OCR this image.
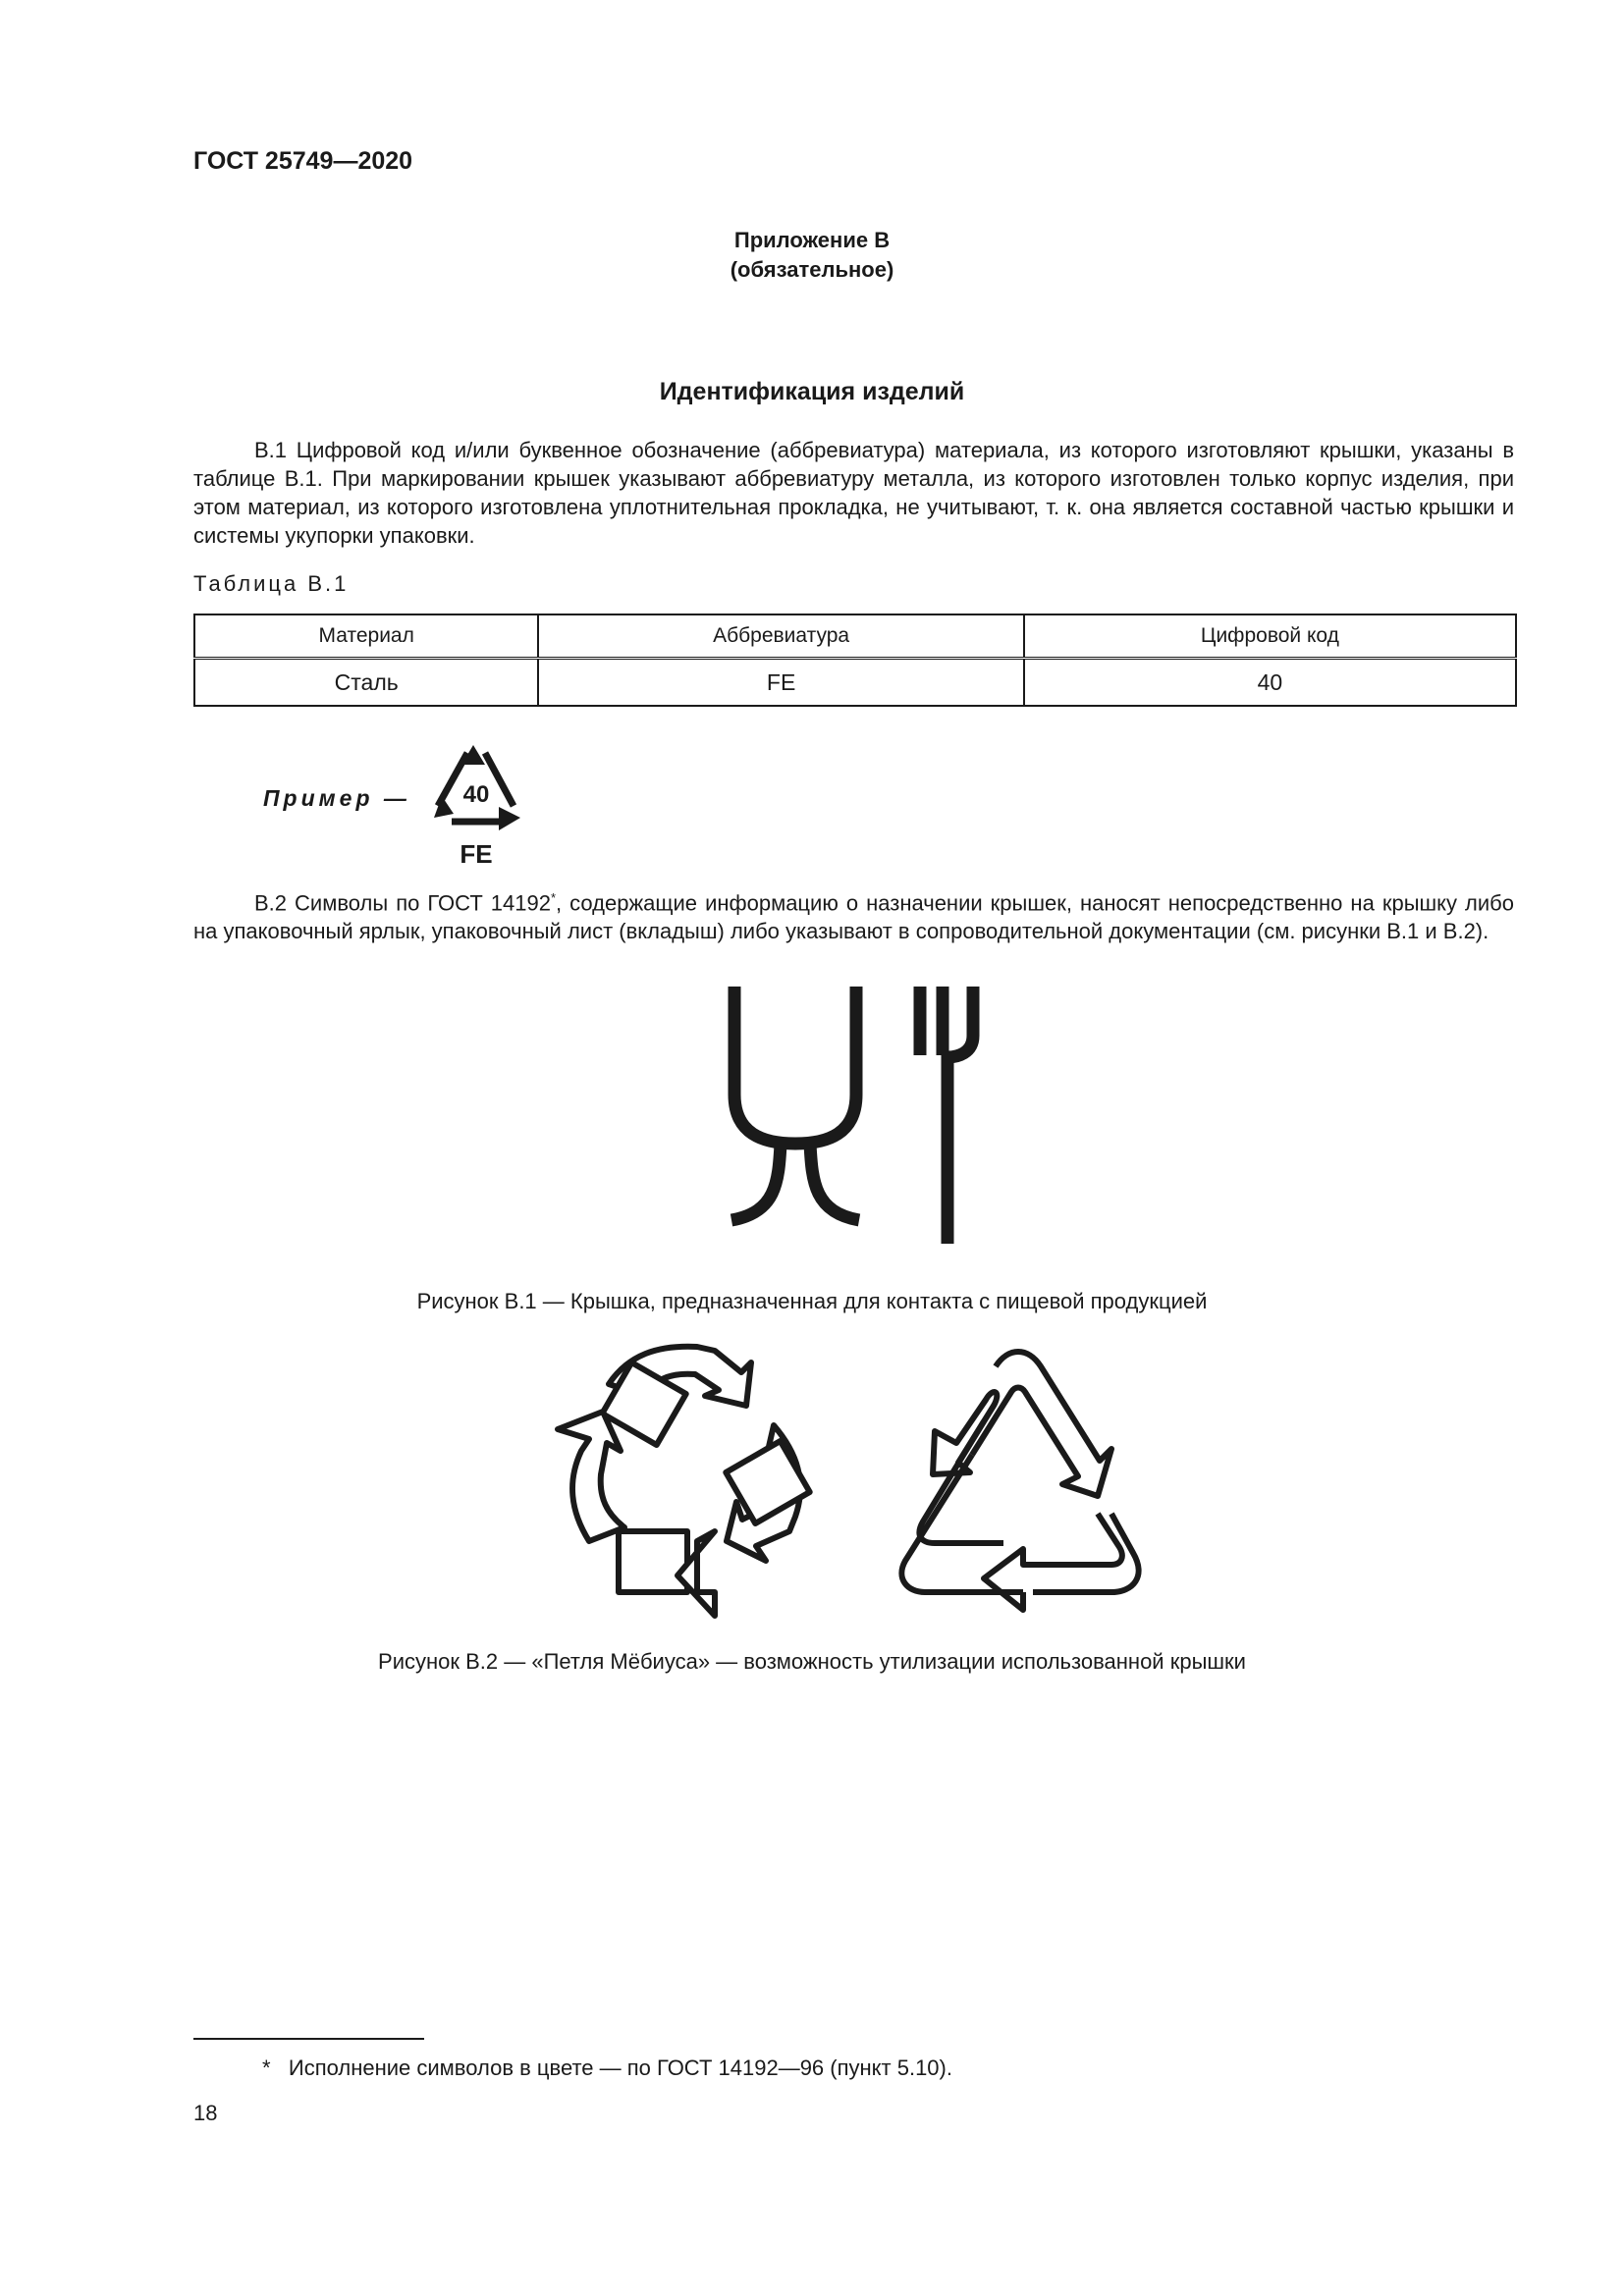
ГОСТ 25749—2020
Приложение В
(обязательное)
Идентификация изделий

В.1 Цифровой код и/или буквенное обозначение (аббревиатура) материала, из которого изготовляют крышки, указаны в таблице В.1. При маркировании крышек указывают аббревиатуру металла, из которого изготовлен только корпус изделия, при этом материал, из которого изготовлена уплотнительная прокладка, не учитывают, т. к. она является составной частью крышки и системы укупорки упаковки.

Таблица В.1
Материал	Аббревиатура	Цифровой код
Сталь	FE	40
Пример — 40
FE

В.2 Символы по ГОСТ 14192*, содержащие информацию о назначении крышек, наносят непосредственно на крышку либо на упаковочный ярлык, упаковочный лист (вкладыш) либо указывают в сопроводительной документации (см. рисунки В.1 и В.2).

Рисунок В.1 — Крышка, предназначенная для контакта с пищевой продукцией
Рисунок В.2 — «Петля Мёбиуса» — возможность утилизации использованной крышки
* Исполнение символов в цвете — по ГОСТ 14192—96 (пункт 5.10).
18
